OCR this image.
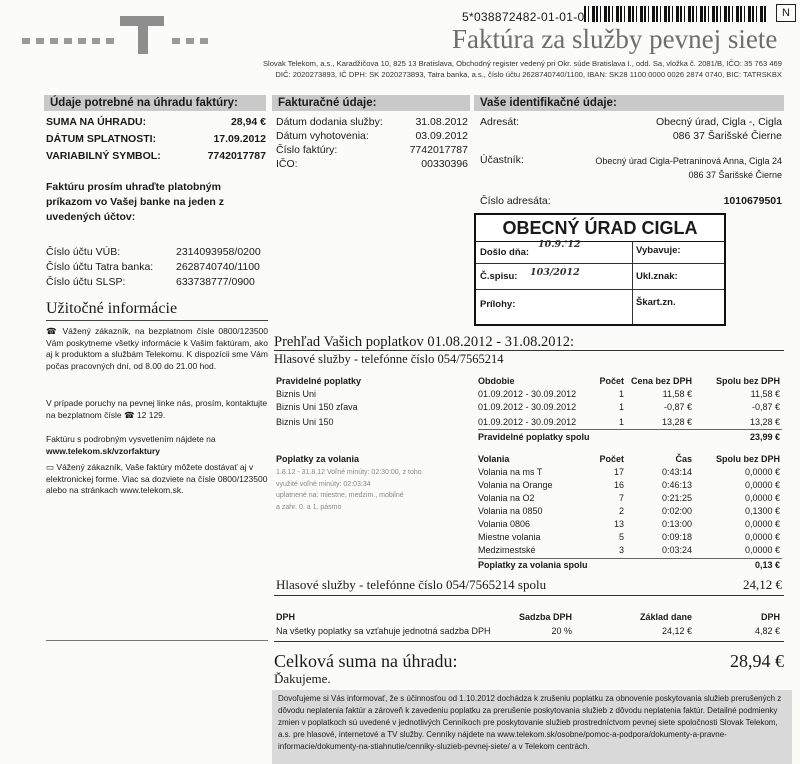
5*038872482-01-01-0	N
Faktúra za služby pevnej siete
Slovak Telekom, a.s., Karadžičova 10, 825 13 Bratislava, Obchodný register vedený pri Okr. súde Bratislava I., odd. Sa, vložka č. 2081/B, IČO: 35 763 469
DIČ: 2020273893, IČ DPH: SK 2020273893, Tatra banka, a.s., číslo účtu 2628740740/1100, IBAN: SK28 1100 0000 0026 2874 0740, BIC: TATRSKBX
Údaje potrebné na úhradu faktúry:	Fakturačné údaje:	Vaše identifikačné údaje:
SUMA NA ÚHRADU:	28,94 €
DÁTUM SPLATNOSTI:	17.09.2012
VARIABILNÝ SYMBOL:	7742017787
Faktúru prosím uhraďte platobným príkazom vo Vašej banke na jeden z uvedených účtov:
Číslo účtu VÚB:	2314093958/0200
Číslo účtu Tatra banka: 2628740740/1100
Číslo účtu SLSP:	633738777/0900
Dátum dodania služby:	31.08.2012
Dátum vyhotovenia:	03.09.2012
Číslo faktúry:	7742017787
IČO:	00330396
Adresát:	Obecný úrad, Cigla -, Cigla
086 37 Šarišské Čierne
Účastník:	Obecný úrad Cigla-Petraninová Anna, Cigla 24
086 37 Šarišské Čierne
Číslo adresáta:	1010679501
OBECNÝ ÚRAD CIGLA
Došlo dňa:
10.9.'12
Vybavuje:
Č.spisu: 103/2012	Ukl.znak:
Prílohy:	Škart.zn.
Užitočné informácie
☎ Vážený zákazník, na bezplatnom čísle 0800/123500 Vám poskytneme všetky informácie k Vašim faktúram, ako aj k produktom a službám Telekomu. K dispozícii sme Vám počas pracovných dní, od 8.00 do 21.00 hod.
V prípade poruchy na pevnej linke nás, prosím, kontaktujte na bezplatnom čísle ☎ 12 129.
Faktúru s podrobným vysvetlením nájdete na
www.telekom.sk/vzorfaktury
▭ Vážený zákazník, Vaše faktúry môžete dostávať aj v elektronickej forme. Viac sa dozviete na čísle 0800/123500 alebo na stránkach www.telekom.sk.
Prehľad Vašich poplatkov 01.08.2012 - 31.08.2012:
Hlasové služby - telefónne číslo 054/7565214
Pravidelné poplatky	Obdobie	Počet Cena bez DPH	Spolu bez DPH
Biznis Uni	01.09.2012 - 30.09.2012	1	11,58 €	11,58 €
Biznis Uni 150 zľava	01.09.2012 - 30.09.2012	1	-0,87 €	-0,87 €
Biznis Uni 150	01.09.2012 - 30.09.2012	1	13,28 €	13,28 €
Pravidelné poplatky spolu	23,99 €
Poplatky za volania	Volania	Počet	Čas	Spolu bez DPH
1.8.12 - 31.8.12 Voľné minúty: 02:30:00, z toho
využité voľné minúty: 02:03:34
uplatnené na: miestne, medzim., mobilné
a zahr. 0. a 1. pásmo
Volania na ms T	17	0:43:14	0,0000 €
Volania na Orange	16	0:46:13	0,0000 €
Volania na O2	7	0:21:25	0,0000 €
Volania na 0850	2	0:02:00	0,1300 €
Volania 0806	13	0:13:00	0,0000 €
Miestne volania	5	0:09:18	0,0000 €
Medzimestské	3	0:03:24	0,0000 €
Poplatky za volania spolu	0,13 €
Hlasové služby - telefónne číslo 054/7565214 spolu	24,12 €
DPH	Sadzba DPH	Základ dane	DPH
Na všetky poplatky sa vzťahuje jednotná sadzba DPH	20 %	24,12 €	4,82 €
Celková suma na úhradu:	28,94 €
Ďakujeme.
Dovoľujeme si Vás informovať, že s účinnosťou od 1.10.2012 dochádza k zrušeniu poplatku za obnovenie poskytovania služieb prerušených z dôvodu neplatenia faktúr a zároveň k zavedeniu poplatku za prerušenie poskytovania služieb z dôvodu neplatenia faktúr. Detailné podmienky zmien v poplatkoch sú uvedené v jednotlivých Cenníkoch pre poskytovanie služieb prostredníctvom pevnej siete spoločnosti Slovak Telekom, a.s. pre hlasové, internetové a TV služby. Cenníky nájdete na www.telekom.sk/osobne/pomoc-a-podpora/dokumenty-a-pravne-informacie/dokumenty-na-stiahnutie/cenniky-sluzieb-pevnej-siete/ a v Telekom centrách.
